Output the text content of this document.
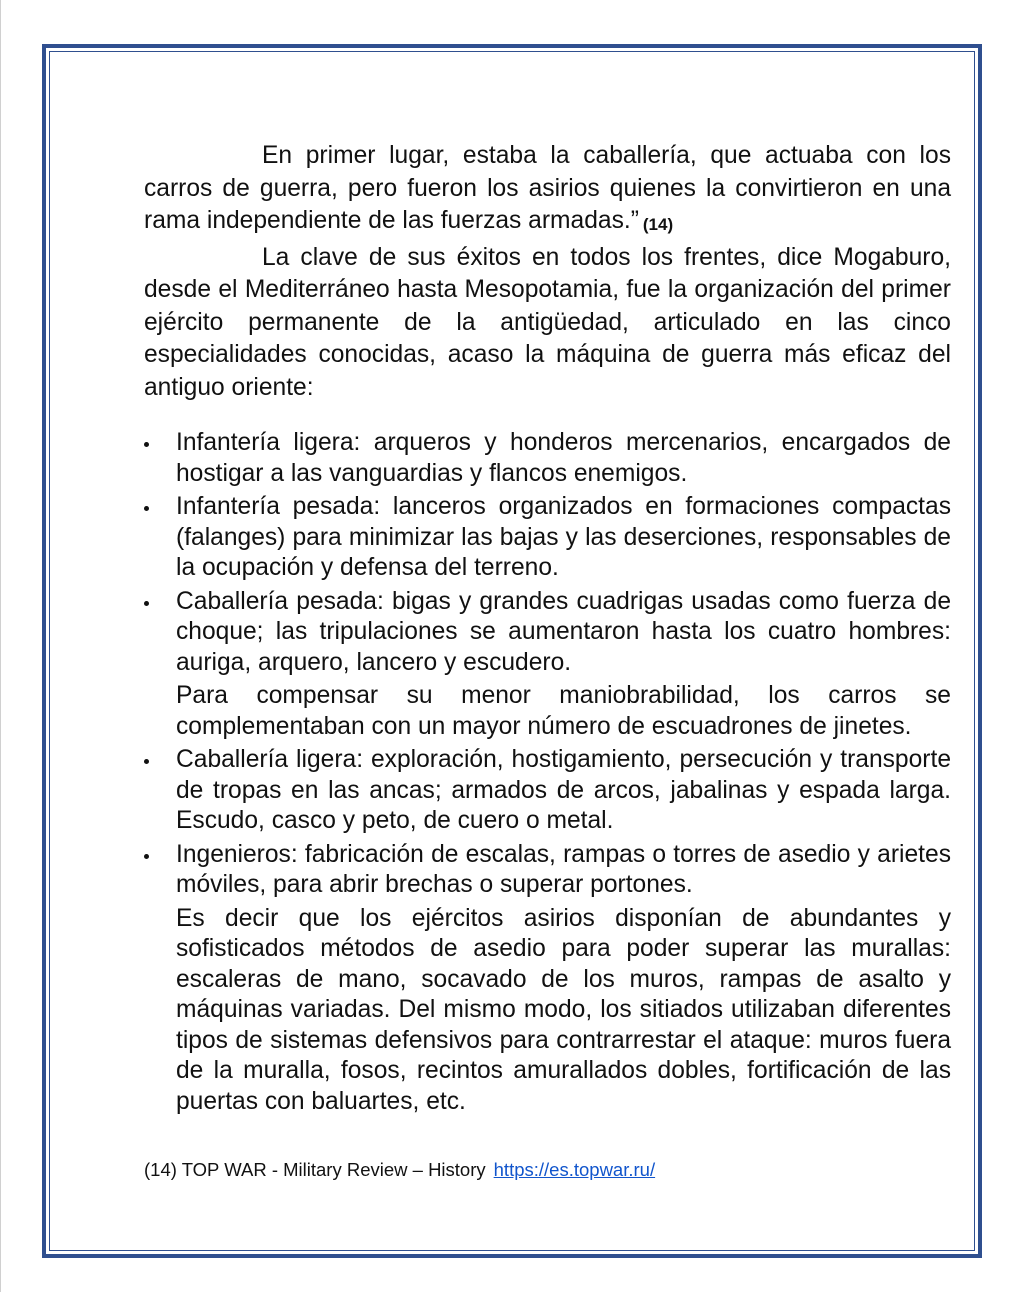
En primer lugar, estaba la caballería, que actuaba con los carros de guerra, pero fueron los asirios quienes la convirtieron en una rama independiente de las fuerzas armadas.” (14)

La clave de sus éxitos en todos los frentes, dice Mogaburo, desde el Mediterráneo hasta Mesopotamia, fue la organización del primer ejército permanente de la antigüedad, articulado en las cinco especialidades conocidas, acaso la máquina de guerra más eficaz del antiguo oriente:

Infantería ligera: arqueros y honderos mercenarios, encargados de hostigar a las vanguardias y flancos enemigos.
Infantería pesada: lanceros organizados en formaciones compactas (falanges) para minimizar las bajas y las deserciones, responsables de la ocupación y defensa del terreno.
Caballería pesada: bigas y grandes cuadrigas usadas como fuerza de choque; las tripulaciones se aumentaron hasta los cuatro hombres: auriga, arquero, lancero y escudero.
Para compensar su menor maniobrabilidad, los carros se complementaban con un mayor número de escuadrones de jinetes.
Caballería ligera: exploración, hostigamiento, persecución y transporte de tropas en las ancas; armados de arcos, jabalinas y espada larga. Escudo, casco y peto, de cuero o metal.
Ingenieros: fabricación de escalas, rampas o torres de asedio y arietes móviles, para abrir brechas o superar portones.
Es decir que los ejércitos asirios disponían de abundantes y sofisticados métodos de asedio para poder superar las murallas: escaleras de mano, socavado de los muros, rampas de asalto y máquinas variadas. Del mismo modo, los sitiados utilizaban diferentes tipos de sistemas defensivos para contrarrestar el ataque: muros fuera de la muralla, fosos, recintos amurallados dobles, fortificación de las puertas con baluartes, etc.
(14) TOP WAR - Military Review – History https://es.topwar.ru/
